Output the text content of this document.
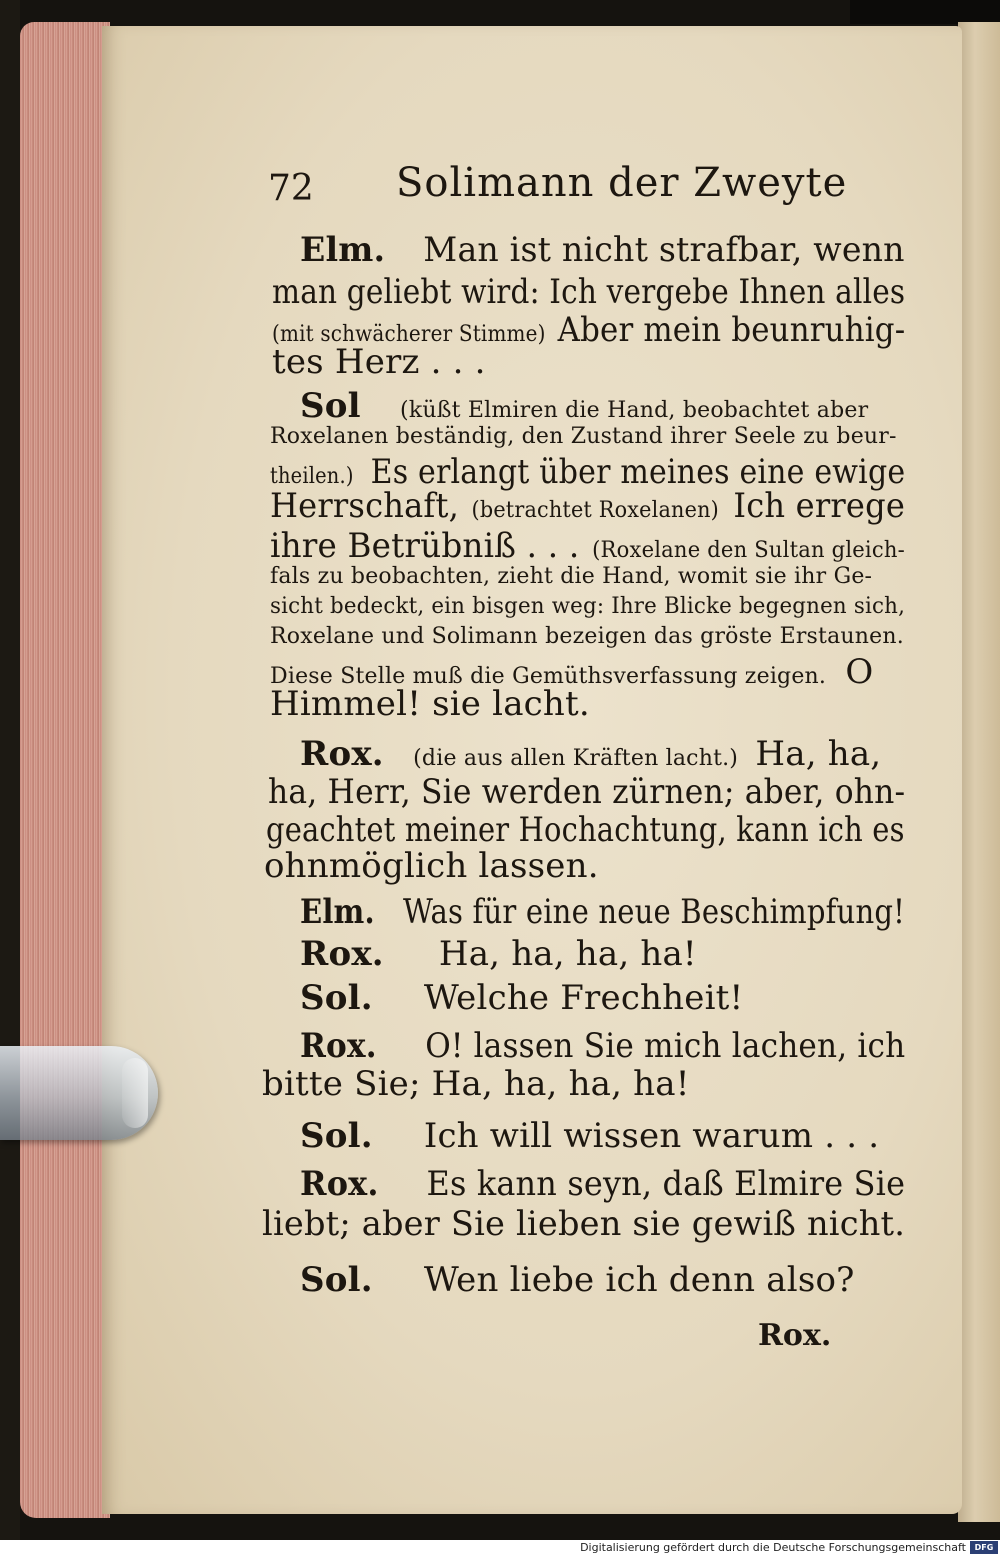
72 Solimann der Zweyte
Elm. Man ist nicht strafbar, wenn
man geliebt wird: Ich vergebe Ihnen alles
(mit schwächerer Stimme) Aber mein beunruhig-
tes Herz . . .
Sol (küßt Elmiren die Hand, beobachtet aber
Roxelanen beständig, den Zustand ihrer Seele zu beur-
theilen.) Es erlangt über meines eine ewige
Herrschaft, (betrachtet Roxelanen) Ich errege
ihre Betrübniß . . . (Roxelane den Sultan gleich-
fals zu beobachten, zieht die Hand, womit sie ihr Ge-
sicht bedeckt, ein bisgen weg: Ihre Blicke begegnen sich,
Roxelane und Solimann bezeigen das gröste Erstaunen.
Diese Stelle muß die Gemüthsverfassung zeigen. O
Himmel! sie lacht.
Rox. (die aus allen Kräften lacht.) Ha, ha,
ha, Herr, Sie werden zürnen; aber, ohn-
geachtet meiner Hochachtung, kann ich es
ohnmöglich lassen.
Elm. Was für eine neue Beschimpfung!
Rox. Ha, ha, ha, ha!
Sol. Welche Frechheit!
Rox. O! lassen Sie mich lachen, ich
bitte Sie; Ha, ha, ha, ha!
Sol. Ich will wissen warum . . .
Rox. Es kann seyn, daß Elmire Sie
liebt; aber Sie lieben sie gewiß nicht.
Sol. Wen liebe ich denn also?
Rox.
Digitalisierung gefördert durch die Deutsche Forschungsgemeinschaft	DFG
